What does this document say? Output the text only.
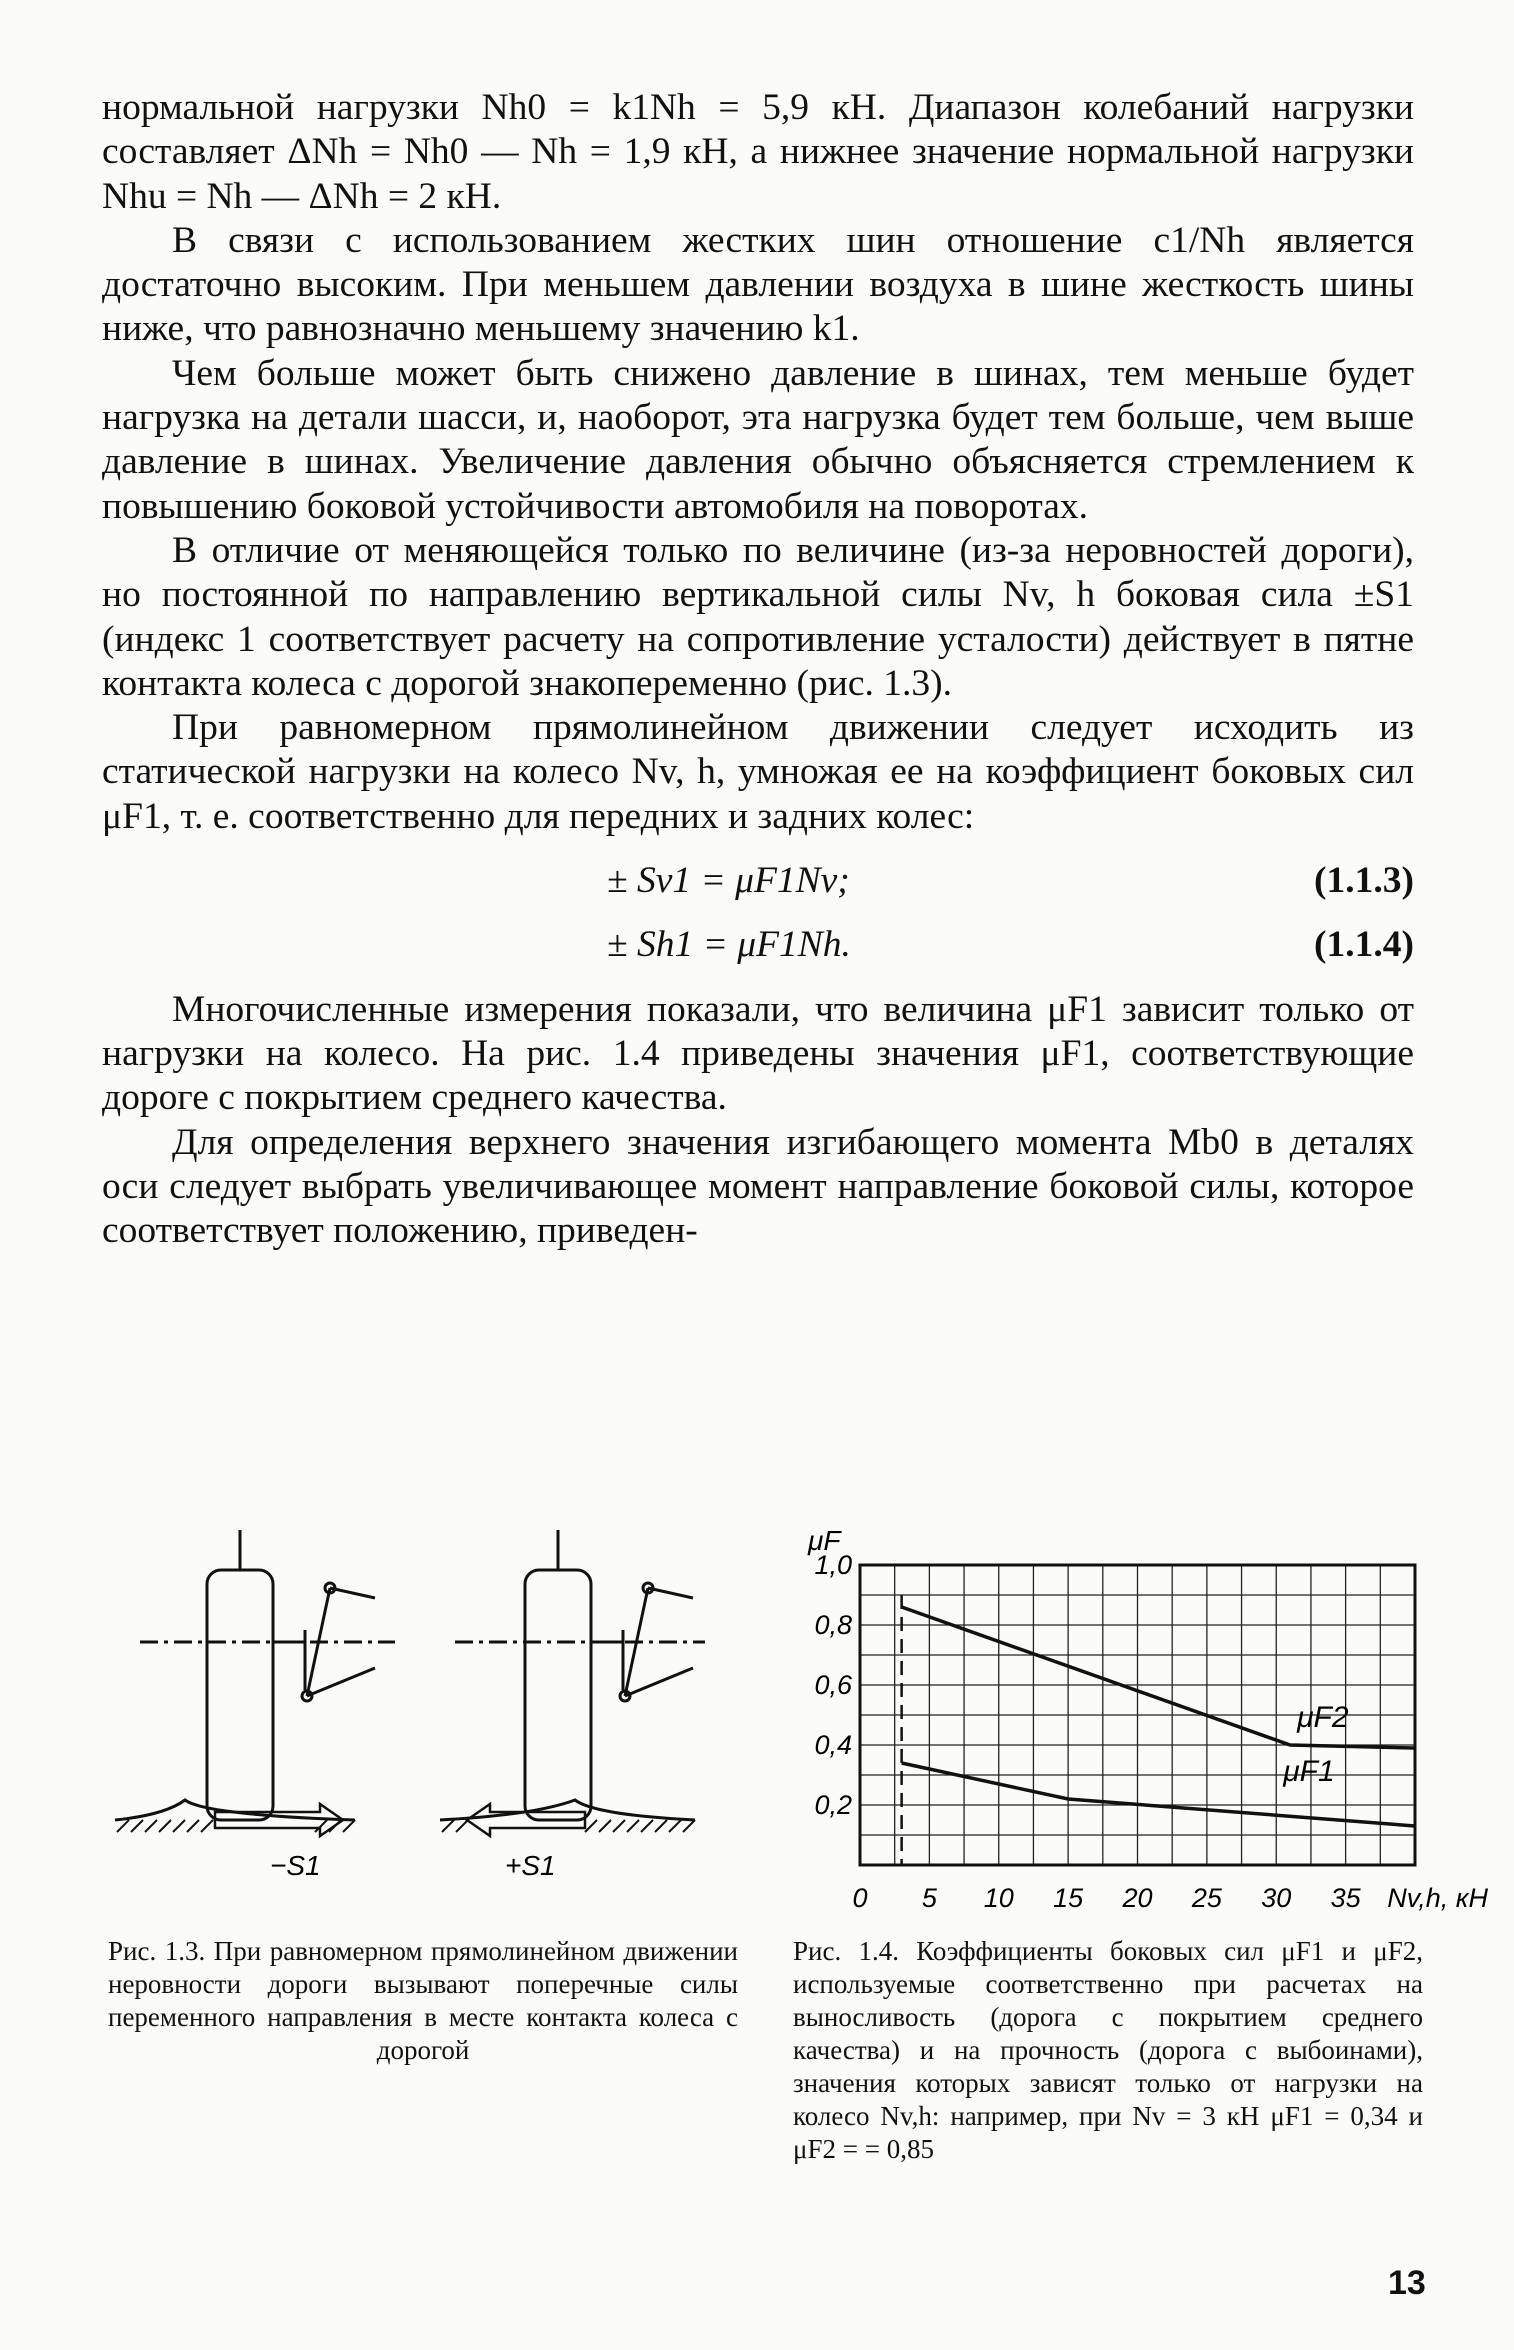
нормальной нагрузки Nh0 = k1Nh = 5,9 кН. Диапазон колебаний нагрузки составляет ΔNh = Nh0 — Nh = 1,9 кН, а нижнее значение нормальной нагрузки Nhu = Nh — ΔNh = 2 кН.

В связи с использованием жестких шин отношение c1/Nh является достаточно высоким. При меньшем давлении воздуха в шине жесткость шины ниже, что равнозначно меньшему значению k1.

Чем больше может быть снижено давление в шинах, тем меньше будет нагрузка на детали шасси, и, наоборот, эта нагрузка будет тем больше, чем выше давление в шинах. Увеличение давления обычно объясняется стремлением к повышению боковой устойчивости автомобиля на поворотах.

В отличие от меняющейся только по величине (из-за неровностей дороги), но постоянной по направлению вертикальной силы Nv, h боковая сила ±S1 (индекс 1 соответствует расчету на сопротивление усталости) действует в пятне контакта колеса с дорогой знакопеременно (рис. 1.3).

При равномерном прямолинейном движении следует исходить из статической нагрузки на колесо Nv, h, умножая ее на коэффициент боковых сил μF1, т. е. соответственно для передних и задних колес:

± Sv1 = μF1Nv;	(1.1.3)
± Sh1 = μF1Nh.	(1.1.4)

Многочисленные измерения показали, что величина μF1 зависит только от нагрузки на колесо. На рис. 1.4 приведены значения μF1, соответствующие дороге с покрытием среднего качества.

Для определения верхнего значения изгибающего момента Mb0 в деталях оси следует выбрать увеличивающее момент направление боковой силы, которое соответствует положению, приведен-

−S1	+S1
0,2
0,4
0,6
0,8
1,0
μF
0 5 10 15 20 25 30 35 Nv,h, кН
μF2
μF1
Рис. 1.3. При равномерном прямолинейном движении неровности дороги вызывают поперечные силы переменного направления в месте контакта колеса с дорогой
Рис. 1.4. Коэффициенты боковых сил μF1 и μF2, используемые соответственно при расчетах на выносливость (дорога с покрытием среднего качества) и на прочность (дорога с выбоинами), значения которых зависят только от нагрузки на колесо Nv,h: например, при Nv = 3 кН μF1 = 0,34 и μF2 = = 0,85
13
